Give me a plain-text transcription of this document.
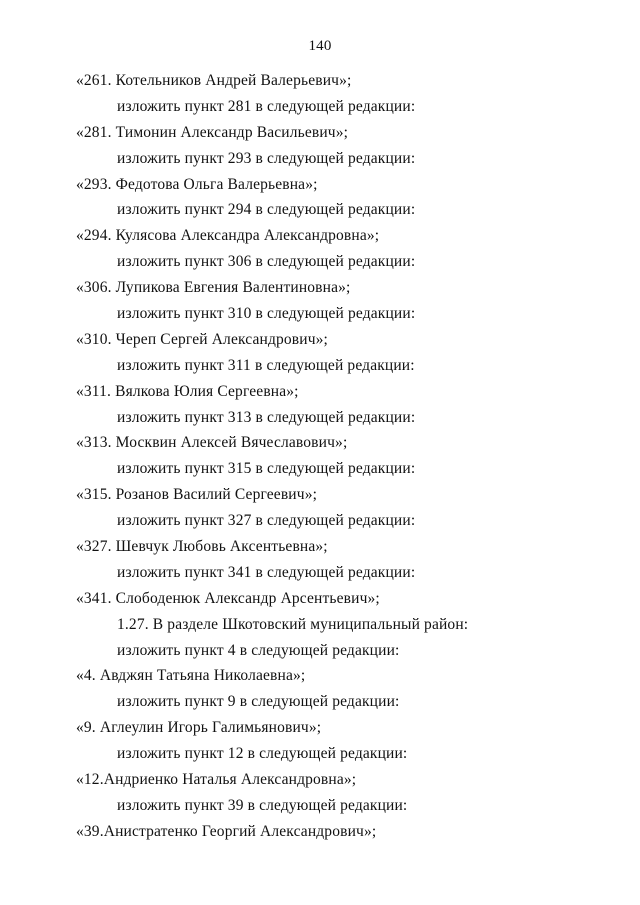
140
«261. Котельников Андрей Валерьевич»;
изложить пункт 281 в следующей редакции:
«281. Тимонин Александр Васильевич»;
изложить пункт 293 в следующей редакции:
«293. Федотова Ольга Валерьевна»;
изложить пункт 294 в следующей редакции:
«294. Кулясова Александра Александровна»;
изложить пункт 306 в следующей редакции:
«306. Лупикова Евгения Валентиновна»;
изложить пункт 310 в следующей редакции:
«310. Череп Сергей Александрович»;
изложить пункт 311 в следующей редакции:
«311. Вялкова Юлия Сергеевна»;
изложить пункт 313 в следующей редакции:
«313. Москвин Алексей Вячеславович»;
изложить пункт 315 в следующей редакции:
«315. Розанов Василий Сергеевич»;
изложить пункт 327 в следующей редакции:
«327. Шевчук Любовь Аксентьевна»;
изложить пункт 341 в следующей редакции:
«341. Слободенюк Александр Арсентьевич»;
1.27. В разделе Шкотовский муниципальный район:
изложить пункт 4 в следующей редакции:
«4. Авджян Татьяна Николаевна»;
изложить пункт 9 в следующей редакции:
«9. Аглеулин Игорь Галимьянович»;
изложить пункт 12 в следующей редакции:
«12.Андриенко Наталья Александровна»;
изложить пункт 39 в следующей редакции:
«39.Анистратенко Георгий Александрович»;
